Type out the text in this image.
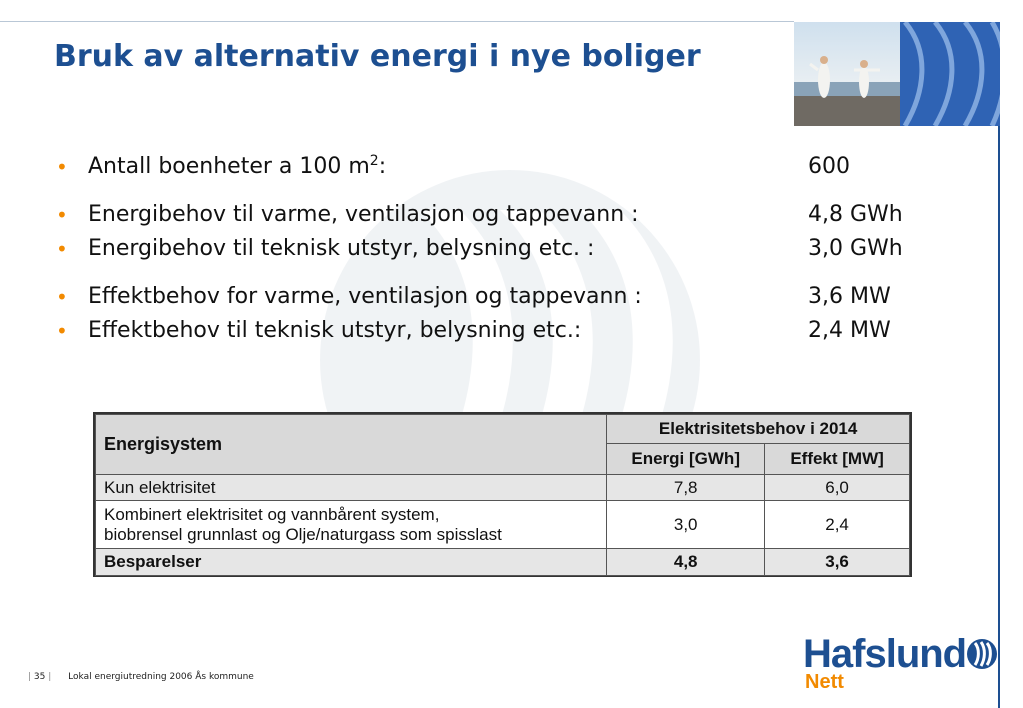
Bruk av alternativ energi i nye boliger
• Antall boenheter a 100 $m^2$:	600
• Energibehov til varme, ventilasjon og tappevann :	4,8 GWh
• Energibehov til teknisk utstyr, belysning etc. :	3,0 GWh
• Effektbehov for varme, ventilasjon og tappevann :	3,6 MW
• Effektbehov til teknisk utstyr, belysning etc.:	2,4 MW
Energisystem	Elektrisitetsbehov i 2014	
	Energi [GWh]	Effekt [MW]
Kun elektrisitet	7,8	6,0

Kombinert elektrisitet og vannbårent system,
biobrensel grunnlast og Olje/naturgass som spisslast	3,0	2,4
Besparelser	4,8	3,6
| 35 | Lokal energiutredning 2006 Ås kommune
Hafslund
Nett
